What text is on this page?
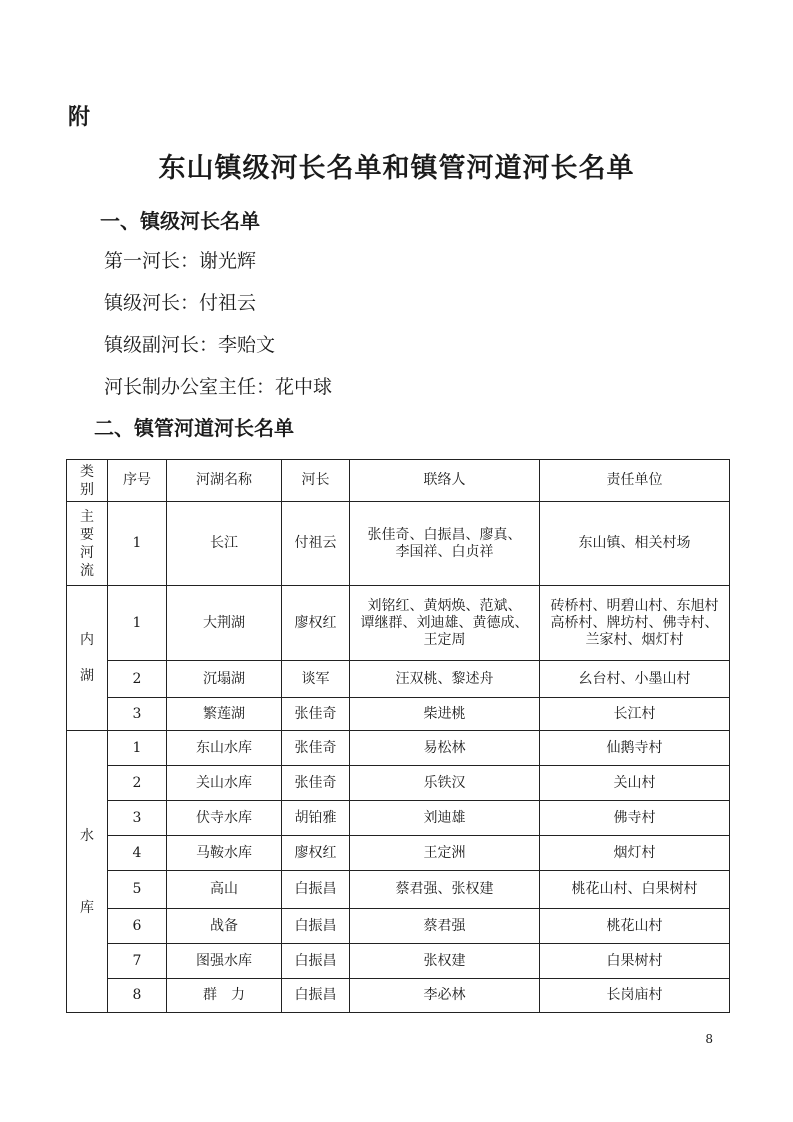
附
东山镇级河长名单和镇管河道河长名单
一、镇级河长名单
第一河长：谢光辉
镇级河长：付祖云
镇级副河长：李贻文
河长制办公室主任：花中球
二、镇管河道河长名单
类
别	序号	河湖名称	河长	联络人	责任单位
主
要
河
流	1	长江	付祖云	张佳奇、白振昌、廖真、
李国祥、白贞祥	东山镇、相关村场
内

湖	1	大荆湖	廖权红	刘铭红、黄炳焕、范斌、
谭继群、刘迪雄、黄德成、
王定周	砖桥村、明碧山村、东旭村
高桥村、牌坊村、佛寺村、
兰家村、烟灯村
	2	沉塌湖	谈军	汪双桃、黎述舟	幺台村、小墨山村
	3	繁莲湖	张佳奇	柴进桃	长江村
水

库	1	东山水库	张佳奇	易松林	仙鹅寺村
	2	关山水库	张佳奇	乐铁汉	关山村
	3	伏寺水库	胡铂雅	刘迪雄	佛寺村
	4	马鞍水库	廖权红	王定洲	烟灯村
	5	高山	白振昌	蔡君强、张权建	桃花山村、白果树村
	6	战备	白振昌	蔡君强	桃花山村
	7	图强水库	白振昌	张权建	白果树村
	8	群　力	白振昌	李必林	长岗庙村
8
